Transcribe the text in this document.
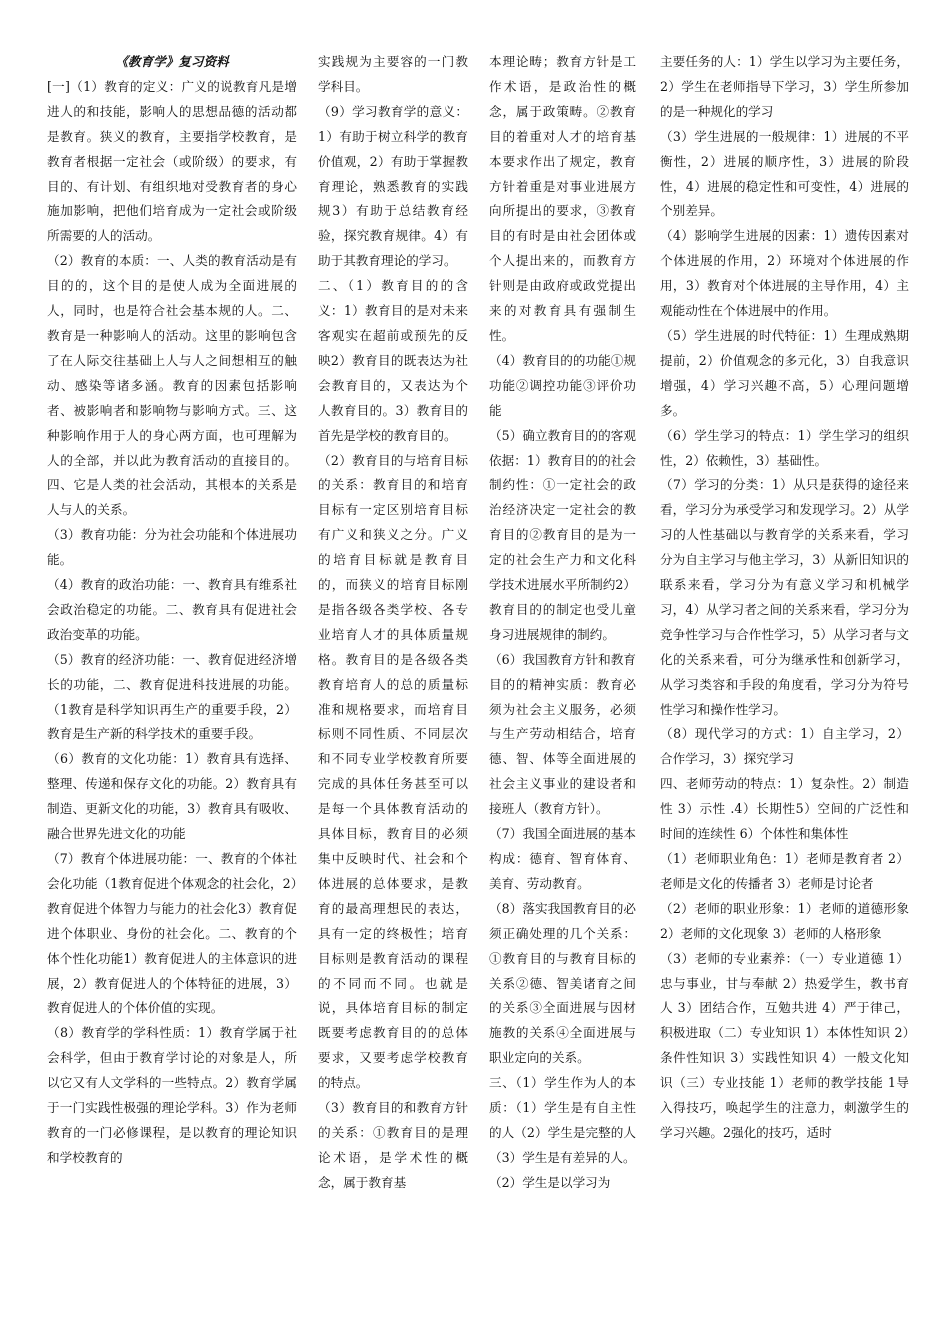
《教育学》复习资料

[一]（1）教育的定义：广义的说教育凡是增进人的和技能，影响人的思想品德的活动都是教育。狭义的教育，主要指学校教育，是教育者根据一定社会（或阶级）的要求，有目的、有计划、有组织地对受教育者的身心施加影响，把他们培育成为一定社会或阶级所需要的人的活动。

（2）教育的本质：一、人类的教育活动是有目的的，这个目的是使人成为全面进展的人，同时，也是符合社会基本规的人。二、教育是一种影响人的活动。这里的影响包含了在人际交往基础上人与人之间想相互的触动、感染等诸多涵。教育的因素包括影响者、被影响者和影响物与影响方式。三、这种影响作用于人的身心两方面，也可理解为人的全部，并以此为教育活动的直接目的。四、它是人类的社会活动，其根本的关系是人与人的关系。

（3）教育功能：分为社会功能和个体进展功能。

（4）教育的政治功能：一、教育具有维系社会政治稳定的功能。二、教育具有促进社会政治变革的功能。

（5）教育的经济功能：一、教育促进经济增长的功能，二、教育促进科技进展的功能。（1教育是科学知识再生产的重要手段，2）教育是生产新的科学技术的重要手段。

（6）教育的文化功能：1）教育具有选择、整理、传递和保存文化的功能。2）教育具有制造、更新文化的功能，3）教育具有吸收、融合世界先进文化的功能

（7）教育个体进展功能：一、教育的个体社会化功能（1教育促进个体观念的社会化，2）教育促进个体智力与能力的社会化3）教育促进个体职业、身份的社会化。二、教育的个体个性化功能1）教育促进人的主体意识的进展，2）教育促进人的个体特征的进展，3）教育促进人的个体价值的实现。

（8）教育学的学科性质：1）教育学属于社会科学，但由于教育学讨论的对象是人，所以它又有人文学科的一些特点。2）教育学属于一门实践性极强的理论学科。3）作为老师教育的一门必修课程，是以教育的理论知识和学校教育的

实践规为主要容的一门教学科目。

（9）学习教育学的意义：1）有助于树立科学的教育价值观，2）有助于掌握教育理论，熟悉教育的实践规3）有助于总结教育经验，探究教育规律。4）有助于其教育理论的学习。

二、（1）教育目的的含义：1）教育目的是对未来客观实在超前或预先的反映2）教育目的既表达为社会教育目的，又表达为个人教育目的。3）教育目的首先是学校的教育目的。

（2）教育目的与培育目标的关系：教育目的和培育目标有一定区别培育目标有广义和狭义之分。广义的培育目标就是教育目的，而狭义的培育目标刚是指各级各类学校、各专业培育人才的具体质量规格。教育目的是各级各类教育培育人的总的质量标准和规格要求，而培育目标则不同性质、不同层次和不同专业学校教育所要完成的具体任务甚至可以是每一个具体教育活动的具体目标，教育目的必须集中反映时代、社会和个体进展的总体要求，是教育的最高理想民的表达，具有一定的终极性；培育目标则是教育活动的课程的不同而不同。也就是说，具体培育目标的制定既要考虑教育目的的总体要求，又要考虑学校教育的特点。

（3）教育目的和教育方针的关系：①教育目的是理论术语，是学术性的概念，属于教育基

本理论畴；教育方针是工作术语，是政治性的概念，属于政策畴。②教育目的着重对人才的培育基本要求作出了规定，教育方针着重是对事业进展方向所提出的要求，③教育目的有时是由社会团体或个人提出来的，而教育方针则是由政府或政党提出来的对教育具有强制生性。

（4）教育目的的功能①规功能②调控功能③评价功能

（5）确立教育目的的客观依据：1）教育目的的社会制约性：①一定社会的政治经济决定一定社会的教育目的②教育目的是为一定的社会生产力和文化科学技术进展水平所制约2）教育目的的制定也受儿童身习进展规律的制约。

（6）我国教育方针和教育目的的精神实质：教育必须为社会主义服务，必须与生产劳动相结合，培育德、智、体等全面进展的社会主义事业的建设者和接班人（教育方针）。

（7）我国全面进展的基本构成：德育、智育体育、美育、劳动教育。

（8）落实我国教育目的必须正确处理的几个关系：①教育目的与教育目标的关系②德、智美诸育之间的关系③全面进展与因材施教的关系④全面进展与职业定向的关系。

三、（1）学生作为人的本质：（1）学生是有自主性的人（2）学生是完整的人（3）学生是有差异的人。

（2）学生是以学习为

主要任务的人：1）学生以学习为主要任务，2）学生在老师指导下学习，3）学生所参加的是一种规化的学习

（3）学生进展的一般规律：1）进展的不平衡性，2）进展的顺序性，3）进展的阶段性，4）进展的稳定性和可变性，4）进展的个别差异。

（4）影响学生进展的因素：1）遗传因素对个体进展的作用，2）环境对个体进展的作用，3）教育对个体进展的主导作用，4）主观能动性在个体进展中的作用。

（5）学生进展的时代特征：1）生理成熟期提前，2）价值观念的多元化，3）自我意识增强，4）学习兴趣不高，5）心理问题增多。

（6）学生学习的特点：1）学生学习的组织性，2）依赖性，3）基础性。

（7）学习的分类：1）从只是获得的途径来看，学习分为承受学习和发现学习。2）从学习的人性基础以与教育学的关系来看，学习分为自主学习与他主学习，3）从新旧知识的联系来看，学习分为有意义学习和机械学习，4）从学习者之间的关系来看，学习分为竞争性学习与合作性学习，5）从学习者与文化的关系来看，可分为继承性和创新学习，从学习类容和手段的角度看，学习分为符号性学习和操作性学习。

（8）现代学习的方式：1）自主学习，2）合作学习，3）探究学习

四、老师劳动的特点：1）复杂性。2）制造性 3）示性 .4）长期性5）空间的广泛性和时间的连续性 6）个体性和集体性

（1）老师职业角色：1）老师是教育者 2）老师是文化的传播者 3）老师是讨论者

（2）老师的职业形象：1）老师的道德形象 2）老师的文化现象 3）老师的人格形象

（3）老师的专业素养：（一）专业道德 1）忠与事业，甘与奉献 2）热爱学生，教书育人 3）团结合作，互勉共进 4）严于律己，积极进取（二）专业知识 1）本体性知识 2）条件性知识 3）实践性知识 4）一般文化知识（三）专业技能 1）老师的教学技能 1导入得技巧，唤起学生的注意力，刺激学生的学习兴趣。2强化的技巧，适时
